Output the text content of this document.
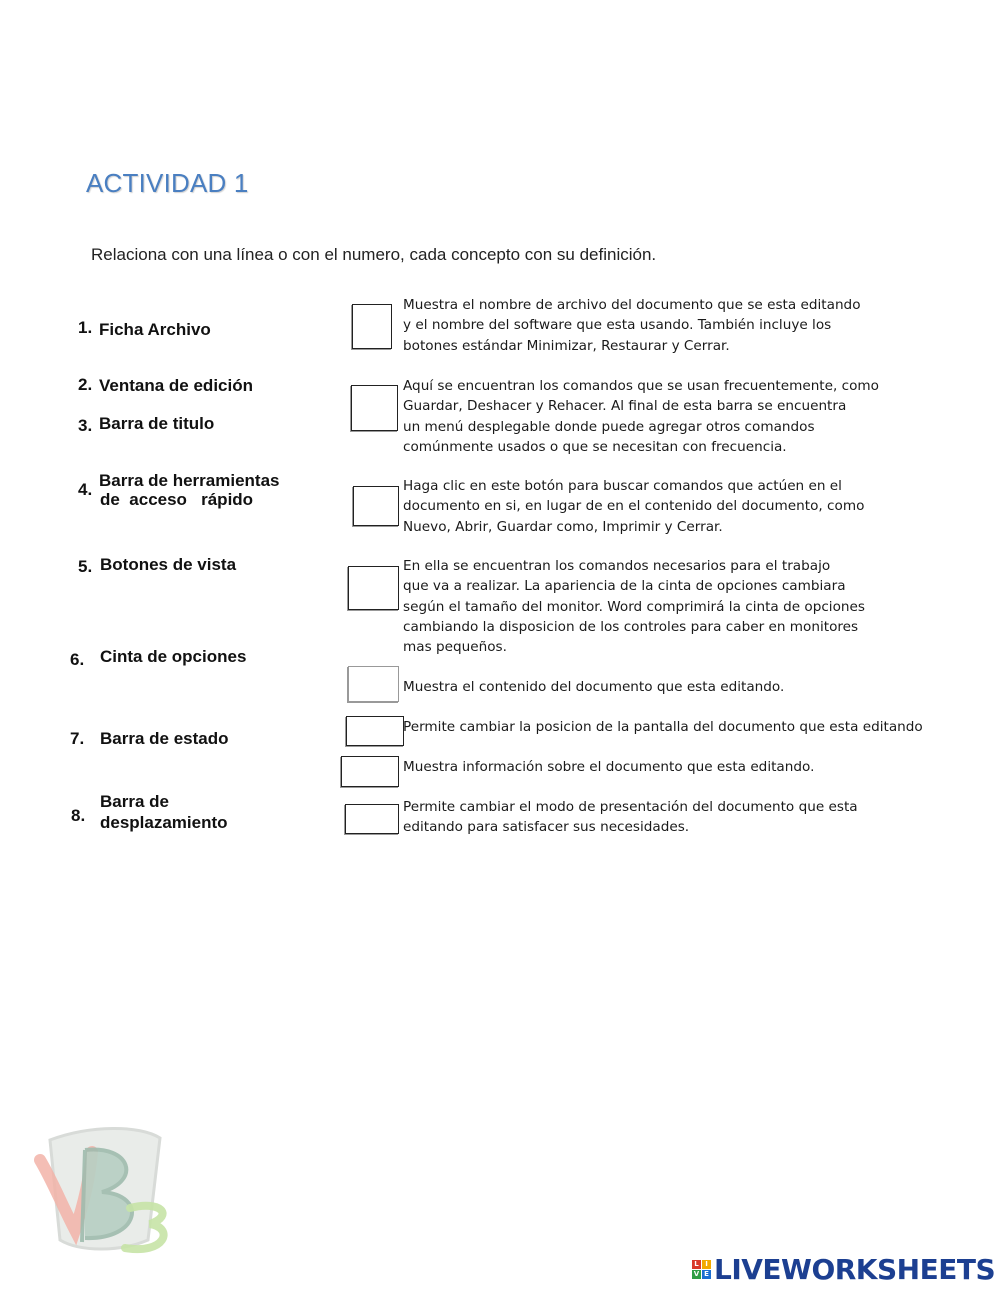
ACTIVIDAD 1
Relaciona con una línea o con el numero, cada concepto con su definición.
1. Ficha Archivo
2. Ventana de edición
3. Barra de titulo
4. Barra de herramientas
de  acceso   rápido
5. Botones de vista
6. Cinta de opciones
7. Barra de estado
8.
Barra de
desplazamiento
Muestra el nombre de archivo del documento que se esta editando
y el nombre del software que esta usando. También incluye los
botones estándar Minimizar, Restaurar y Cerrar.
Aquí se encuentran los comandos que se usan frecuentemente, como
Guardar, Deshacer y Rehacer. Al final de esta barra se encuentra
un menú desplegable donde puede agregar otros comandos
comúnmente usados o que se necesitan con frecuencia.
Haga clic en este botón para buscar comandos que actúen en el
documento en si, en lugar de en el contenido del documento, como
Nuevo, Abrir, Guardar como, Imprimir y Cerrar.
En ella se encuentran los comandos necesarios para el trabajo
que va a realizar. La apariencia de la cinta de opciones cambiara
según el tamaño del monitor. Word comprimirá la cinta de opciones
cambiando la disposicion de los controles para caber en monitores
mas pequeños.
Muestra el contenido del documento que esta editando.
Permite cambiar la posicion de la pantalla del documento que esta editando
Muestra información sobre el documento que esta editando.
Permite cambiar el modo de presentación del documento que esta
editando para satisfacer sus necesidades.
L I
V E LIVEWORKSHEETS
